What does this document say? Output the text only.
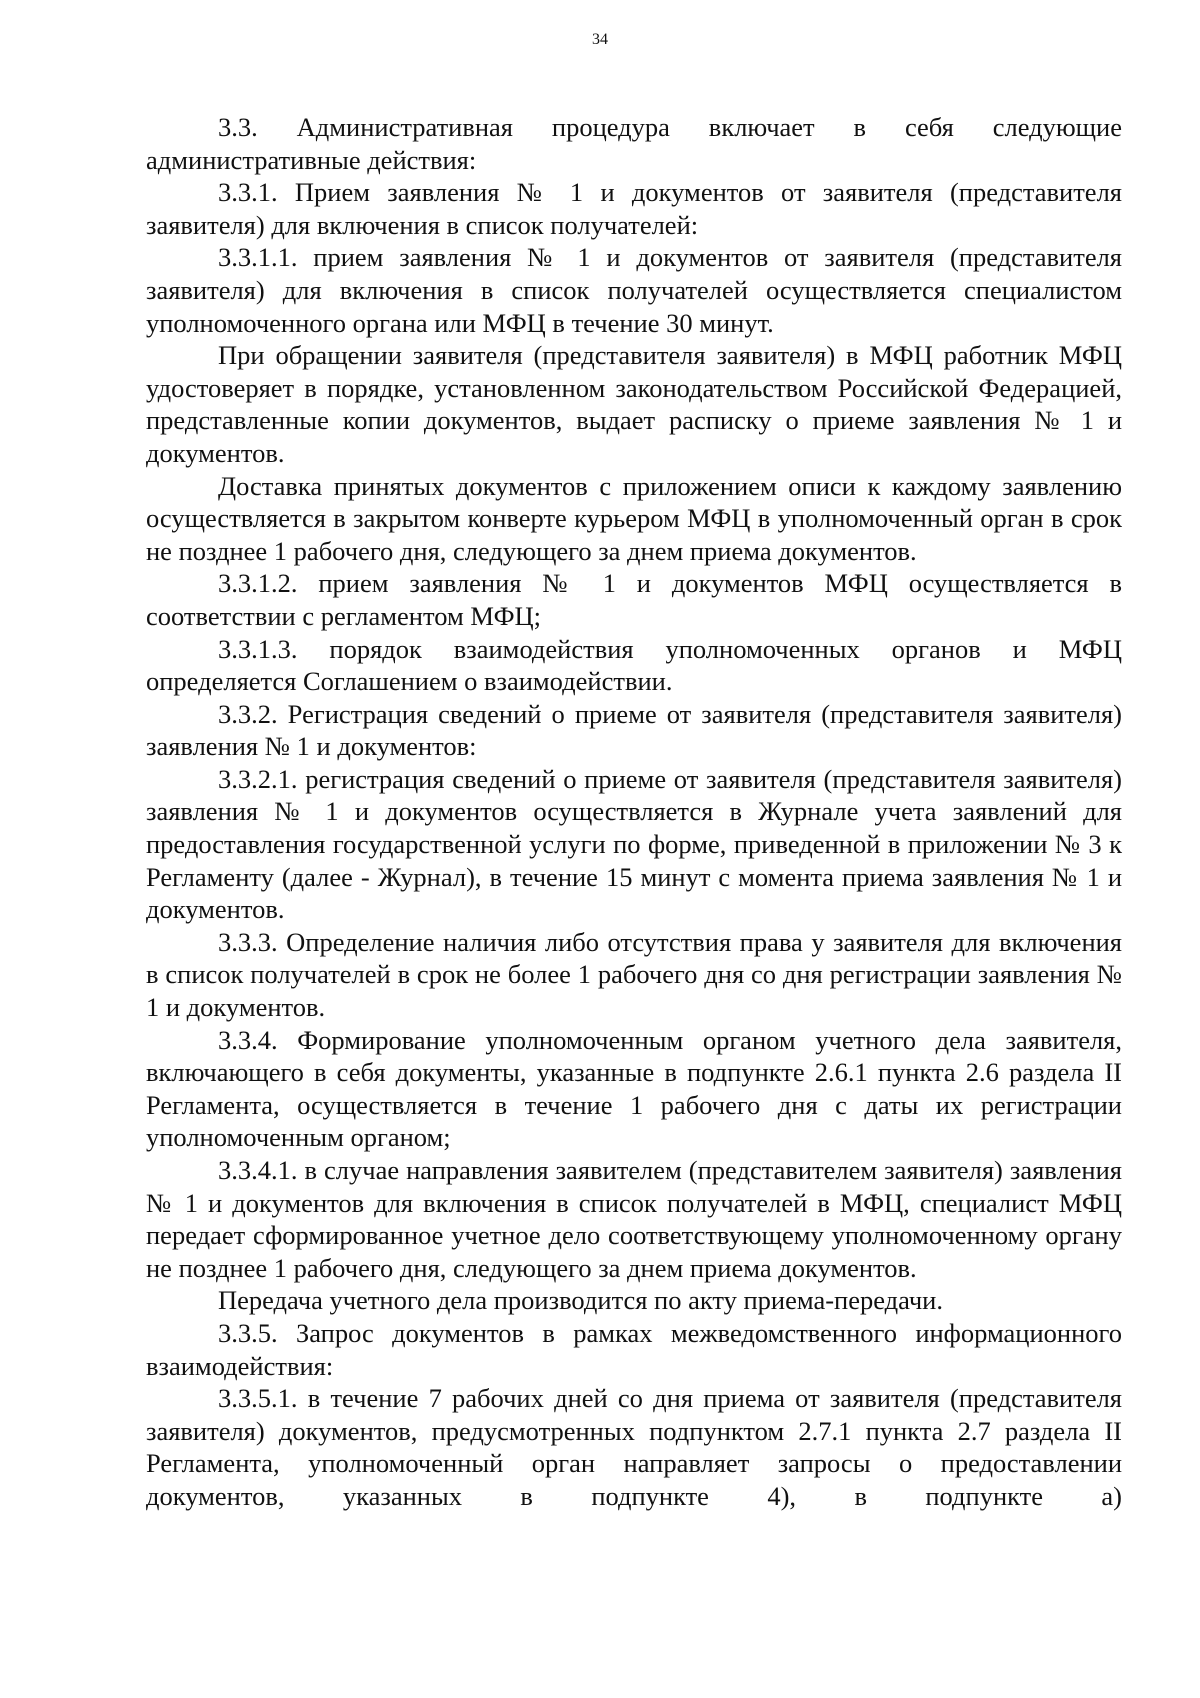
34

3.3. Административная процедура включает в себя следующие административные действия:

3.3.1. Прием заявления № 1 и документов от заявителя (представителя заявителя) для включения в список получателей:

3.3.1.1. прием заявления № 1 и документов от заявителя (представителя заявителя) для включения в список получателей осуществляется специалистом уполномоченного органа или МФЦ в течение 30 минут.

При обращении заявителя (представителя заявителя) в МФЦ работник МФЦ удостоверяет в порядке, установленном законодательством Российской Федерацией, представленные копии документов, выдает расписку о приеме заявления № 1 и документов.

Доставка принятых документов с приложением описи к каждому заявлению осуществляется в закрытом конверте курьером МФЦ в уполномоченный орган в срок не позднее 1 рабочего дня, следующего за днем приема документов.

3.3.1.2. прием заявления № 1 и документов МФЦ осуществляется в соответствии с регламентом МФЦ;

3.3.1.3. порядок взаимодействия уполномоченных органов и МФЦ определяется Соглашением о взаимодействии.

3.3.2. Регистрация сведений о приеме от заявителя (представителя заявителя) заявления № 1 и документов:

3.3.2.1. регистрация сведений о приеме от заявителя (представителя заявителя) заявления № 1 и документов осуществляется в Журнале учета заявлений для предоставления государственной услуги по форме, приведенной в приложении № 3 к Регламенту (далее - Журнал), в течение 15 минут с момента приема заявления № 1 и документов.

3.3.3. Определение наличия либо отсутствия права у заявителя для включения в список получателей в срок не более 1 рабочего дня со дня регистрации заявления № 1 и документов.

3.3.4. Формирование уполномоченным органом учетного дела заявителя, включающего в себя документы, указанные в подпункте 2.6.1 пункта 2.6 раздела II Регламента, осуществляется в течение 1 рабочего дня с даты их регистрации уполномоченным органом;

3.3.4.1. в случае направления заявителем (представителем заявителя) заявления № 1 и документов для включения в список получателей в МФЦ, специалист МФЦ передает сформированное учетное дело соответствующему уполномоченному органу не позднее 1 рабочего дня, следующего за днем приема документов.

Передача учетного дела производится по акту приема-передачи.

3.3.5. Запрос документов в рамках межведомственного информационного взаимодействия:

3.3.5.1. в течение 7 рабочих дней со дня приема от заявителя (представителя заявителя) документов, предусмотренных подпунктом 2.7.1 пункта 2.7 раздела II Регламента, уполномоченный орган направляет запросы о предоставлении документов, указанных в подпункте 4), в подпункте а)
